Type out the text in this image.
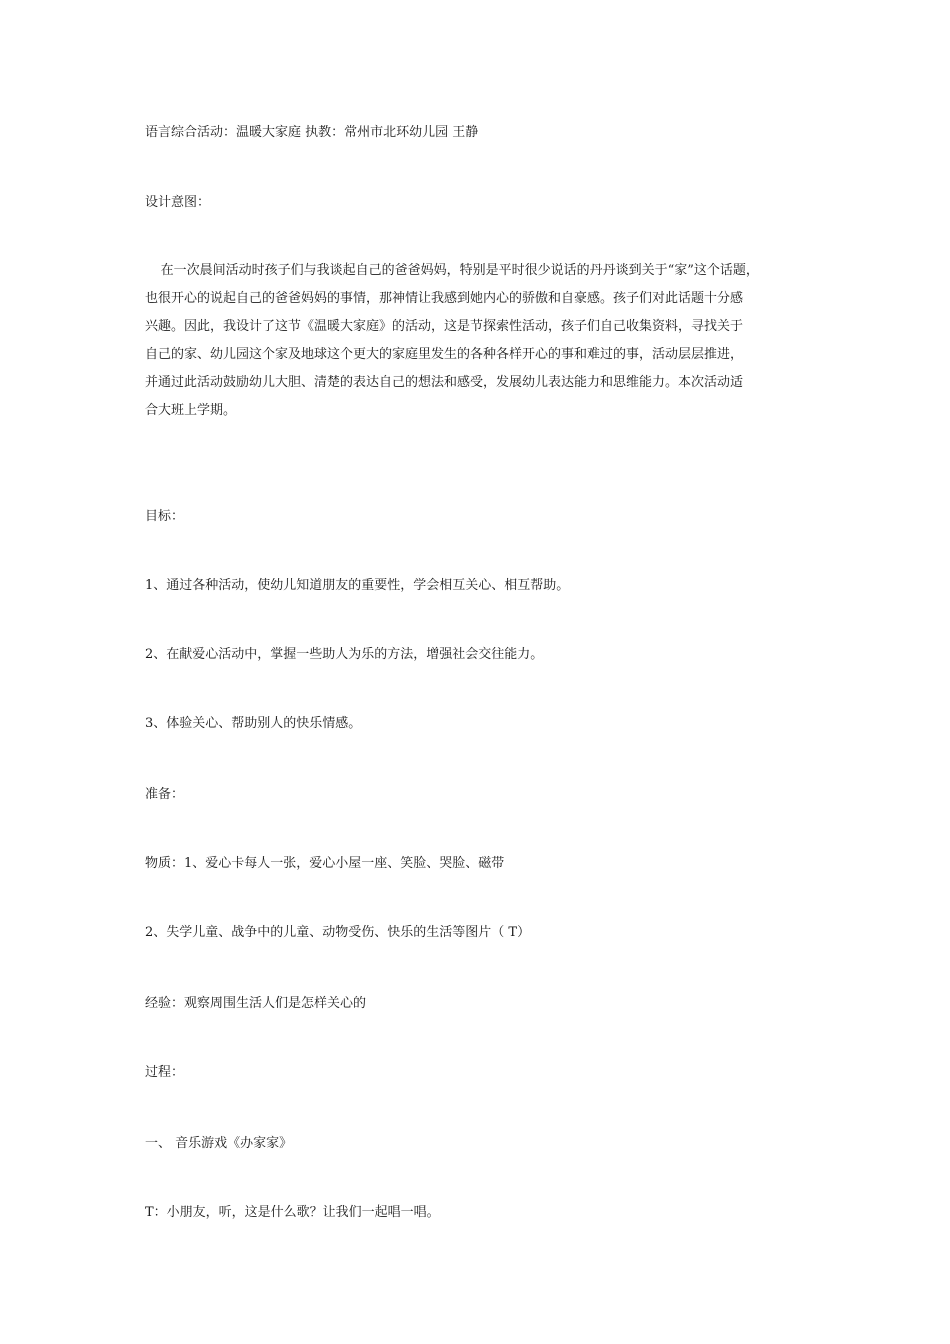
语言综合活动：温暖大家庭 执教：常州市北环幼儿园 王静
设计意图：
在一次晨间活动时孩子们与我谈起自己的爸爸妈妈，特别是平时很少说话的丹丹谈到关于“家”这个话题，
也很开心的说起自己的爸爸妈妈的事情，那神情让我感到她内心的骄傲和自豪感。孩子们对此话题十分感
兴趣。因此，我设计了这节《温暖大家庭》的活动，这是节探索性活动，孩子们自己收集资料，寻找关于
自己的家、幼儿园这个家及地球这个更大的家庭里发生的各种各样开心的事和难过的事，活动层层推进，
并通过此活动鼓励幼儿大胆、清楚的表达自己的想法和感受，发展幼儿表达能力和思维能力。本次活动适
合大班上学期。
目标：
1、通过各种活动，使幼儿知道朋友的重要性，学会相互关心、相互帮助。
2、在献爱心活动中，掌握一些助人为乐的方法，增强社会交往能力。
3、体验关心、帮助别人的快乐情感。
准备：
物质：1、爱心卡每人一张，爱心小屋一座、笑脸、哭脸、磁带
2、失学儿童、战争中的儿童、动物受伤、快乐的生活等图片（ T）
经验：观察周围生活人们是怎样关心的
过程：
一、 音乐游戏《办家家》
T：小朋友，听，这是什么歌？让我们一起唱一唱。
